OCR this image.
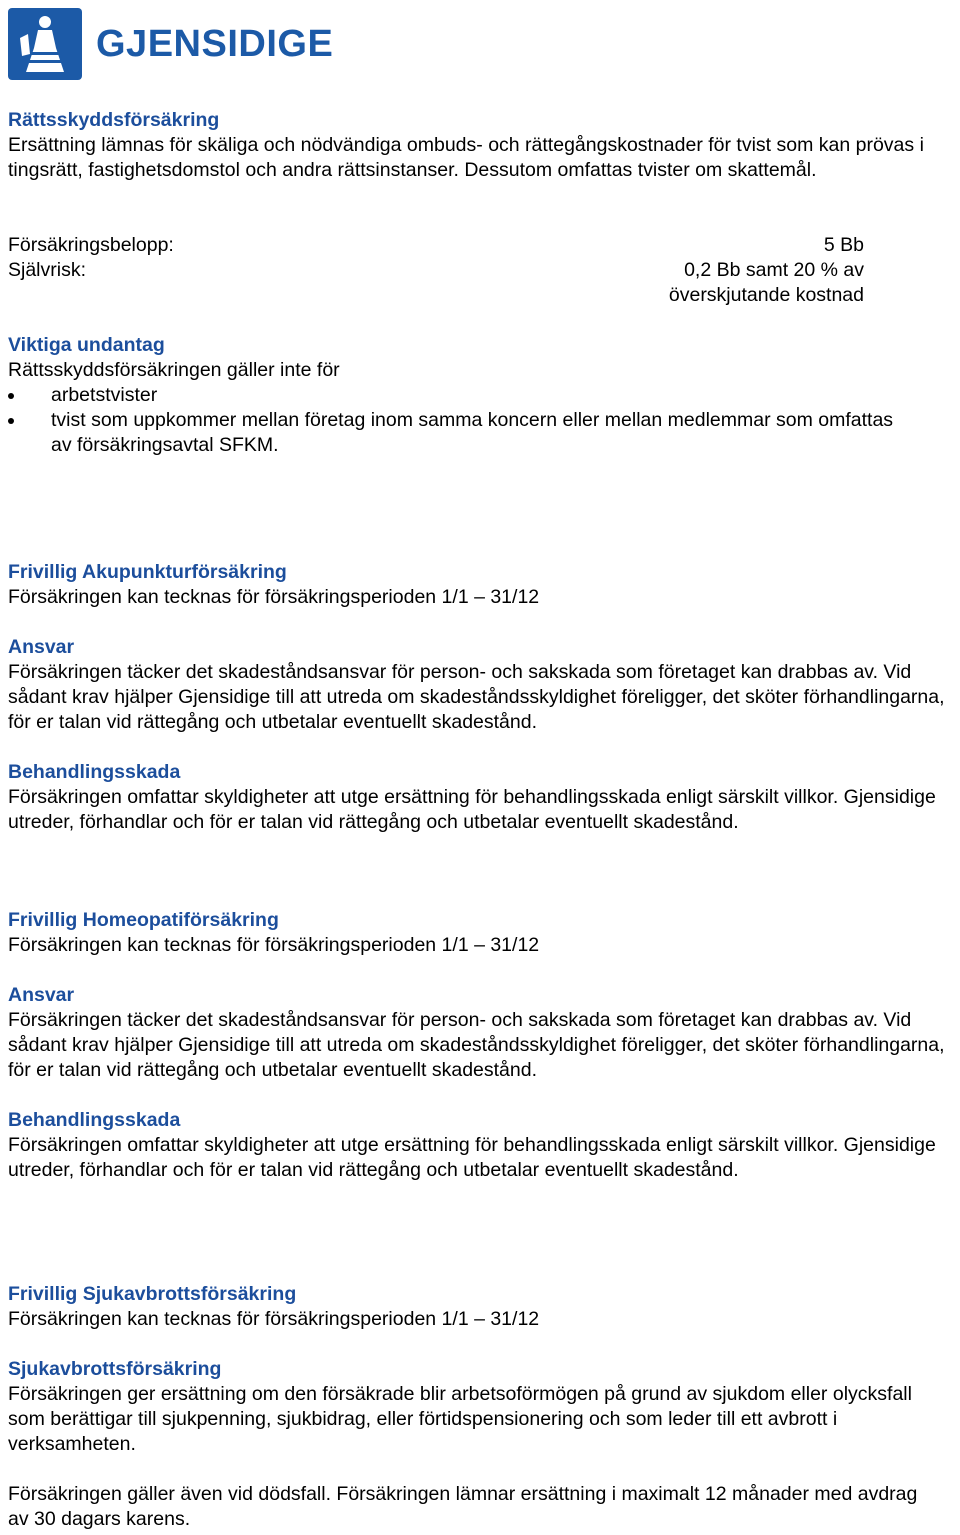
GJENSIDIGE

Rättsskyddsförsäkring

Ersättning lämnas för skäliga och nödvändiga ombuds- och rättegångskostnader för tvist som kan prövas i tingsrätt, fastighetsdomstol och andra rättsinstanser. Dessutom omfattas tvister om skattemål.

Försäkringsbelopp:	5 Bb
Självrisk:	0,2 Bb samt 20 % av
överskjutande kostnad

Viktiga undantag

Rättsskyddsförsäkringen gäller inte för

arbetstvister
tvist som uppkommer mellan företag inom samma koncern eller mellan medlemmar som omfattas av försäkringsavtal SFKM.

Frivillig Akupunkturförsäkring

Försäkringen kan tecknas för försäkringsperioden 1/1 – 31/12

Ansvar

Försäkringen täcker det skadeståndsansvar för person- och sakskada som företaget kan drabbas av. Vid sådant krav hjälper Gjensidige till att utreda om skadeståndsskyldighet föreligger, det sköter förhandlingarna, för er talan vid rättegång och utbetalar eventuellt skadestånd.

Behandlingsskada

Försäkringen omfattar skyldigheter att utge ersättning för behandlingsskada enligt särskilt villkor. Gjensidige utreder, förhandlar och för er talan vid rättegång och utbetalar eventuellt skadestånd.

Frivillig Homeopatiförsäkring

Försäkringen kan tecknas för försäkringsperioden 1/1 – 31/12

Ansvar

Försäkringen täcker det skadeståndsansvar för person- och sakskada som företaget kan drabbas av. Vid sådant krav hjälper Gjensidige till att utreda om skadeståndsskyldighet föreligger, det sköter förhandlingarna, för er talan vid rättegång och utbetalar eventuellt skadestånd.

Behandlingsskada

Försäkringen omfattar skyldigheter att utge ersättning för behandlingsskada enligt särskilt villkor. Gjensidige utreder, förhandlar och för er talan vid rättegång och utbetalar eventuellt skadestånd.

Frivillig Sjukavbrottsförsäkring

Försäkringen kan tecknas för försäkringsperioden 1/1 – 31/12

Sjukavbrottsförsäkring

Försäkringen ger ersättning om den försäkrade blir arbetsoförmögen på grund av sjukdom eller olycksfall som berättigar till sjukpenning, sjukbidrag, eller förtidspensionering och som leder till ett avbrott i verksamheten.

Försäkringen gäller även vid dödsfall. Försäkringen lämnar ersättning i maximalt 12 månader med avdrag av 30 dagars karens.
